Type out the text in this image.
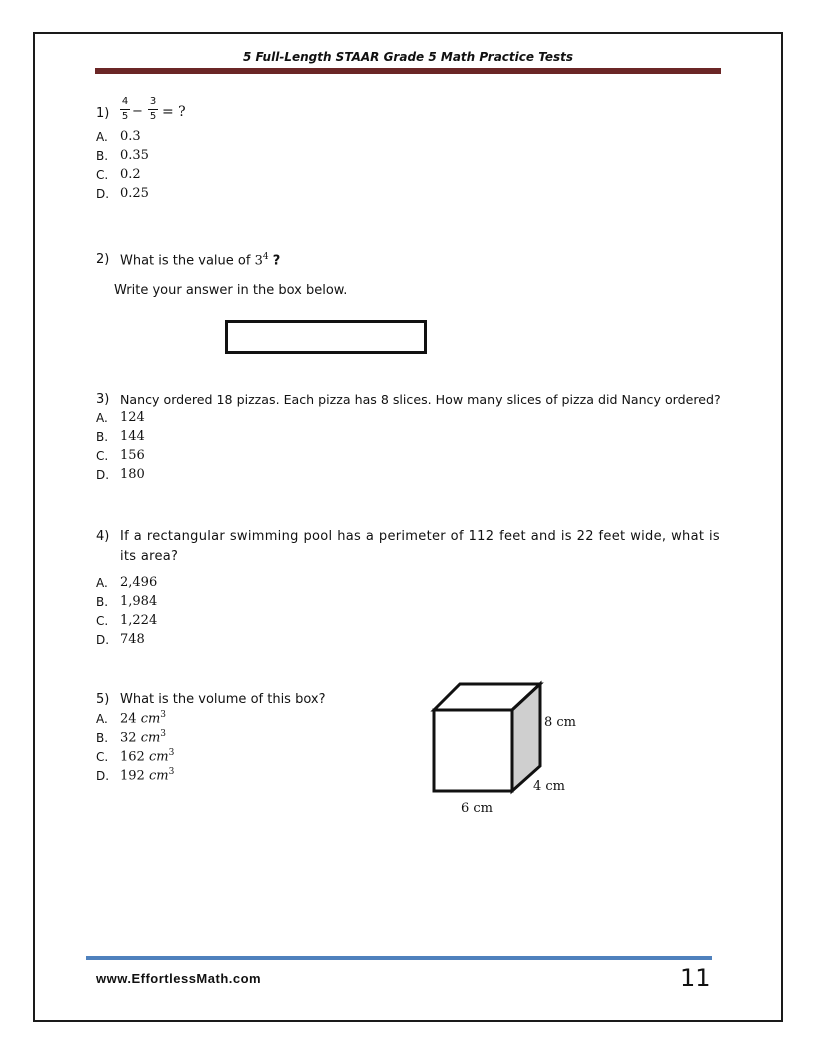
5 Full-Length STAAR Grade 5 Math Practice Tests
1)
4
5 −
3
5 = ?
A. 0.3
B. 0.35
C. 0.2
D. 0.25
2) What is the value of $3^4$ ?
Write your answer in the box below.
3) Nancy ordered 18 pizzas. Each pizza has 8 slices. How many slices of pizza did Nancy ordered?
A. 124
B. 144
C. 156
D. 180
4) If a rectangular swimming pool has a perimeter of 112 feet and is 22 feet wide, what is its area?
A. 2,496
B. 1,984
C. 1,224
D. 748
5) What is the volume of this box?
A. 24 $cm^3$
B. 32 $cm^3$
C. 162 $cm^3$
D. 192 $cm^3$
8 cm
4 cm
6 cm
www.EffortlessMath.com	11
